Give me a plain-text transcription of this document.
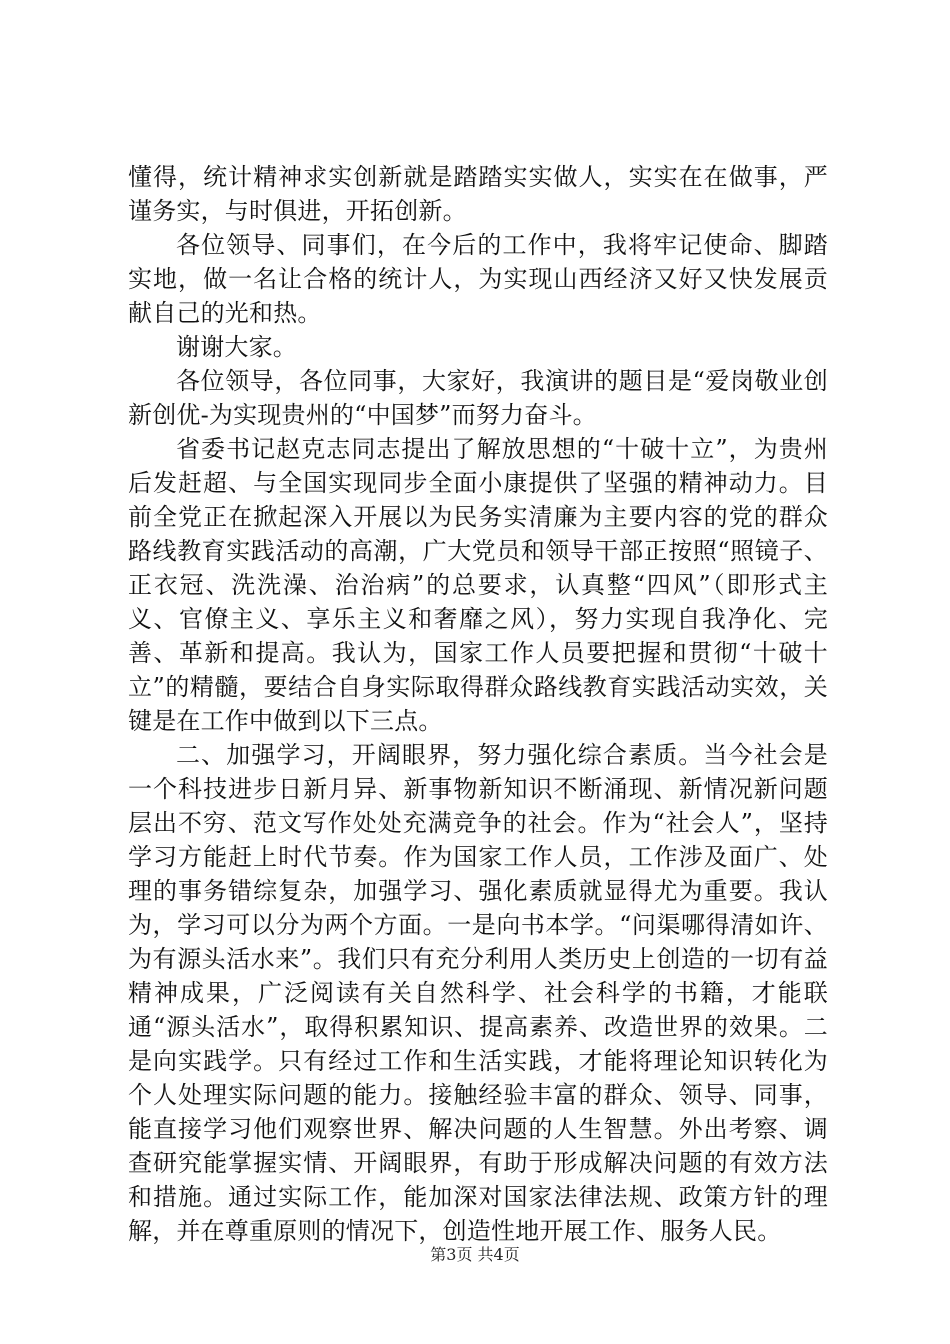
懂得，统计精神求实创新就是踏踏实实做人，实实在在做事，严谨务实，与时俱进，开拓创新。

各位领导、同事们，在今后的工作中，我将牢记使命、脚踏实地，做一名让合格的统计人，为实现山西经济又好又快发展贡献自己的光和热。

谢谢大家。

各位领导，各位同事，大家好，我演讲的题目是“爱岗敬业创新创优-为实现贵州的“中国梦”而努力奋斗。

省委书记赵克志同志提出了解放思想的“十破十立”，为贵州后发赶超、与全国实现同步全面小康提供了坚强的精神动力。目前全党正在掀起深入开展以为民务实清廉为主要内容的党的群众路线教育实践活动的高潮，广大党员和领导干部正按照“照镜子、正衣冠、洗洗澡、治治病”的总要求，认真整“四风”（即形式主义、官僚主义、享乐主义和奢靡之风），努力实现自我净化、完善、革新和提高。我认为，国家工作人员要把握和贯彻“十破十立”的精髓，要结合自身实际取得群众路线教育实践活动实效，关键是在工作中做到以下三点。

二、加强学习，开阔眼界，努力强化综合素质。当今社会是一个科技进步日新月异、新事物新知识不断涌现、新情况新问题层出不穷、范文写作处处充满竞争的社会。作为“社会人”，坚持学习方能赶上时代节奏。作为国家工作人员，工作涉及面广、处理的事务错综复杂，加强学习、强化素质就显得尤为重要。我认为，学习可以分为两个方面。一是向书本学。“问渠哪得清如许、为有源头活水来”。我们只有充分利用人类历史上创造的一切有益精神成果，广泛阅读有关自然科学、社会科学的书籍，才能联通“源头活水”，取得积累知识、提高素养、改造世界的效果。二是向实践学。只有经过工作和生活实践，才能将理论知识转化为个人处理实际问题的能力。接触经验丰富的群众、领导、同事，能直接学习他们观察世界、解决问题的人生智慧。外出考察、调查研究能掌握实情、开阔眼界，有助于形成解决问题的有效方法和措施。通过实际工作，能加深对国家法律法规、政策方针的理解，并在尊重原则的情况下，创造性地开展工作、服务人民。

第3页 共4页
